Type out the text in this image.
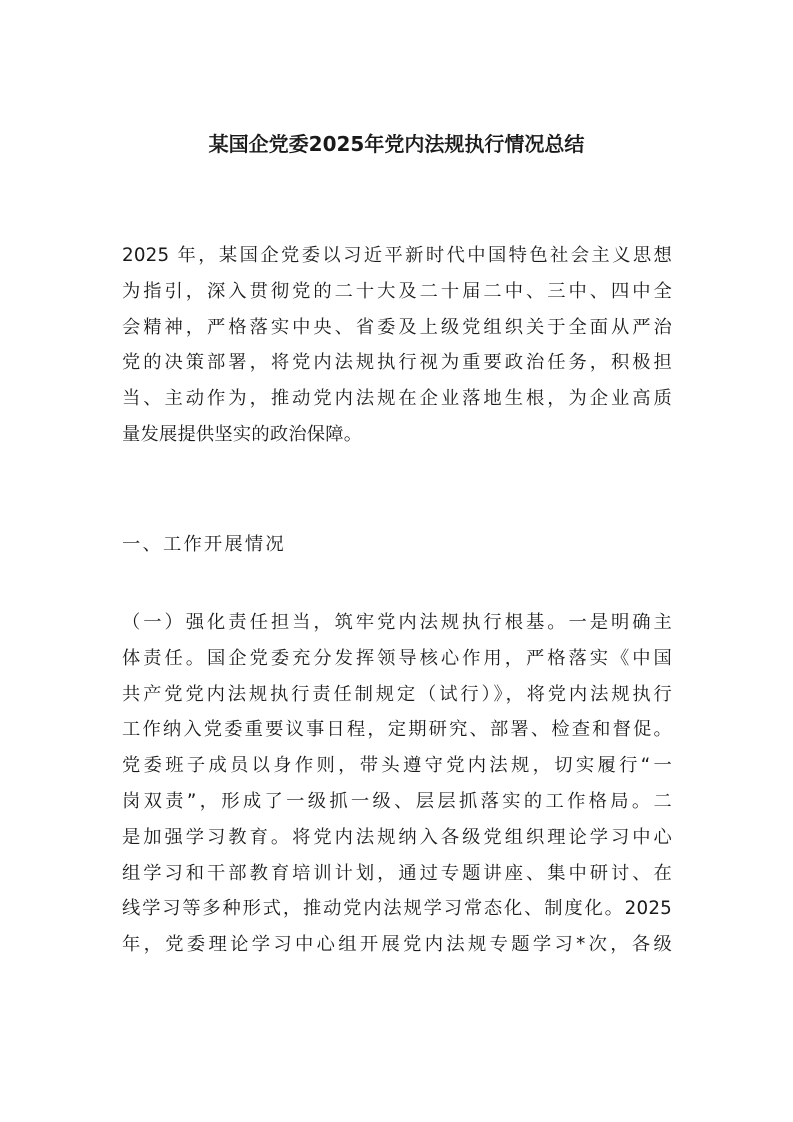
某国企党委2025年党内法规执行情况总结
2025 年，某国企党委以习近平新时代中国特色社会主义思想
为指引，深入贯彻党的二十大及二十届二中、三中、四中全
会精神，严格落实中央、省委及上级党组织关于全面从严治
党的决策部署，将党内法规执行视为重要政治任务，积极担
当、主动作为，推动党内法规在企业落地生根，为企业高质
量发展提供坚实的政治保障。
一、工作开展情况
（一）强化责任担当，筑牢党内法规执行根基。一是明确主
体责任。国企党委充分发挥领导核心作用，严格落实《中国
共产党党内法规执行责任制规定（试行）》，将党内法规执行
工作纳入党委重要议事日程，定期研究、部署、检查和督促。
党委班子成员以身作则，带头遵守党内法规，切实履行“一
岗双责”，形成了一级抓一级、层层抓落实的工作格局。二
是加强学习教育。将党内法规纳入各级党组织理论学习中心
组学习和干部教育培训计划，通过专题讲座、集中研讨、在
线学习等多种形式，推动党内法规学习常态化、制度化。2025
年，党委理论学习中心组开展党内法规专题学习*次，各级
